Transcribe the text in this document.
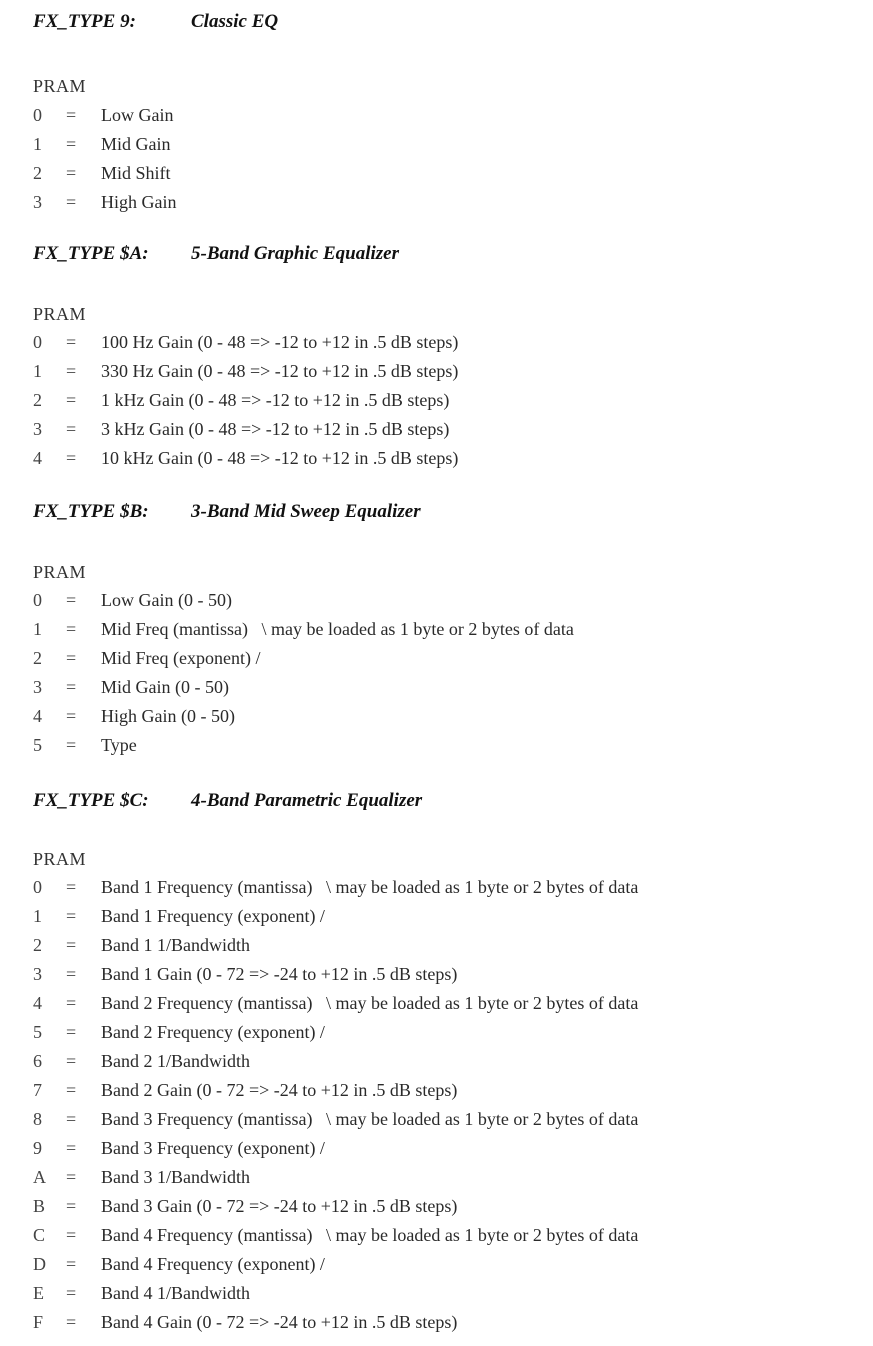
FX_TYPE 9:	Classic EQ
PRAM
0	=	Low Gain
1	=	Mid Gain
2	=	Mid Shift
3	=	High Gain
FX_TYPE $A: 5-Band Graphic Equalizer
PRAM
0	=	100 Hz Gain (0 - 48 => -12 to +12 in .5 dB steps)
1	=	330 Hz Gain (0 - 48 => -12 to +12 in .5 dB steps)
2	=	1 kHz Gain (0 - 48 => -12 to +12 in .5 dB steps)
3	=	3 kHz Gain (0 - 48 => -12 to +12 in .5 dB steps)
4	=	10 kHz Gain (0 - 48 => -12 to +12 in .5 dB steps)
FX_TYPE $B: 3-Band Mid Sweep Equalizer
PRAM
0	=	Low Gain (0 - 50)
1	=	Mid Freq (mantissa)   \ may be loaded as 1 byte or 2 bytes of data
2	=	Mid Freq (exponent) /
3	=	Mid Gain (0 - 50)
4	=	High Gain (0 - 50)
5	=	Type
FX_TYPE $C: 4-Band Parametric Equalizer
PRAM
0	=	Band 1 Frequency (mantissa)   \ may be loaded as 1 byte or 2 bytes of data
1	=	Band 1 Frequency (exponent) /
2	=	Band 1 1/Bandwidth
3	=	Band 1 Gain (0 - 72 => -24 to +12 in .5 dB steps)
4	=	Band 2 Frequency (mantissa)   \ may be loaded as 1 byte or 2 bytes of data
5	=	Band 2 Frequency (exponent) /
6	=	Band 2 1/Bandwidth
7	=	Band 2 Gain (0 - 72 => -24 to +12 in .5 dB steps)
8	=	Band 3 Frequency (mantissa)   \ may be loaded as 1 byte or 2 bytes of data
9	=	Band 3 Frequency (exponent) /
A	=	Band 3 1/Bandwidth
B	=	Band 3 Gain (0 - 72 => -24 to +12 in .5 dB steps)
C	=	Band 4 Frequency (mantissa)   \ may be loaded as 1 byte or 2 bytes of data
D	=	Band 4 Frequency (exponent) /
E	=	Band 4 1/Bandwidth
F	=	Band 4 Gain (0 - 72 => -24 to +12 in .5 dB steps)
